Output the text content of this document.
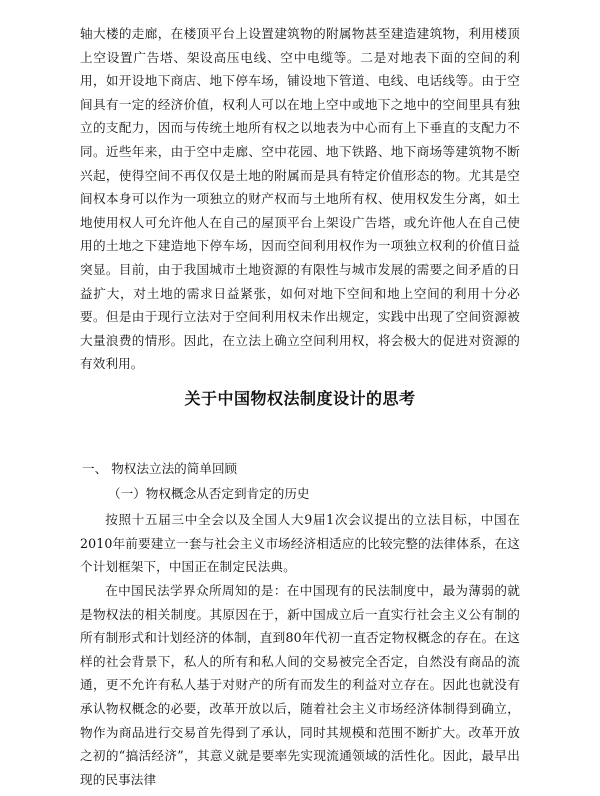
轴大楼的走廊，在楼顶平台上设置建筑物的附属物甚至建造建筑物，利用楼顶上空设置广告塔、架设高压电线、空中电缆等。二是对地表下面的空间的利用，如开设地下商店、地下停车场，铺设地下管道、电线、电话线等。由于空间具有一定的经济价值，权利人可以在地上空中或地下之地中的空间里具有独立的支配力，因而与传统土地所有权之以地表为中心而有上下垂直的支配力不同。近些年来，由于空中走廊、空中花园、地下铁路、地下商场等建筑物不断兴起，使得空间不再仅仅是土地的附属而是具有特定价值形态的物。尤其是空间权本身可以作为一项独立的财产权而与土地所有权、使用权发生分离，如土地使用权人可允许他人在自己的屋顶平台上架设广告塔，或允许他人在自己使用的土地之下建造地下停车场，因而空间利用权作为一项独立权利的价值日益突显。目前，由于我国城市土地资源的有限性与城市发展的需要之间矛盾的日益扩大，对土地的需求日益紧张，如何对地下空间和地上空间的利用十分必要。但是由于现行立法对于空间利用权未作出规定，实践中出现了空间资源被大量浪费的情形。因此，在立法上确立空间利用权，将会极大的促进对资源的有效利用。

关于中国物权法制度设计的思考

一、 物权法立法的简单回顾

（一）物权概念从否定到肯定的历史

按照十五届三中全会以及全国人大9届1次会议提出的立法目标，中国在2010年前要建立一套与社会主义市场经济相适应的比较完整的法律体系，在这个计划框架下，中国正在制定民法典。

在中国民法学界众所周知的是：在中国现有的民法制度中，最为薄弱的就是物权法的相关制度。其原因在于，新中国成立后一直实行社会主义公有制的所有制形式和计划经济的体制，直到80年代初一直否定物权概念的存在。在这样的社会背景下，私人的所有和私人间的交易被完全否定，自然没有商品的流通，更不允许有私人基于对财产的所有而发生的利益对立存在。因此也就没有承认物权概念的必要，改革开放以后，随着社会主义市场经济体制得到确立，物作为商品进行交易首先得到了承认，同时其规模和范围不断扩大。改革开放之初的“搞活经济”，其意义就是要率先实现流通领域的活性化。因此，最早出现的民事法律
